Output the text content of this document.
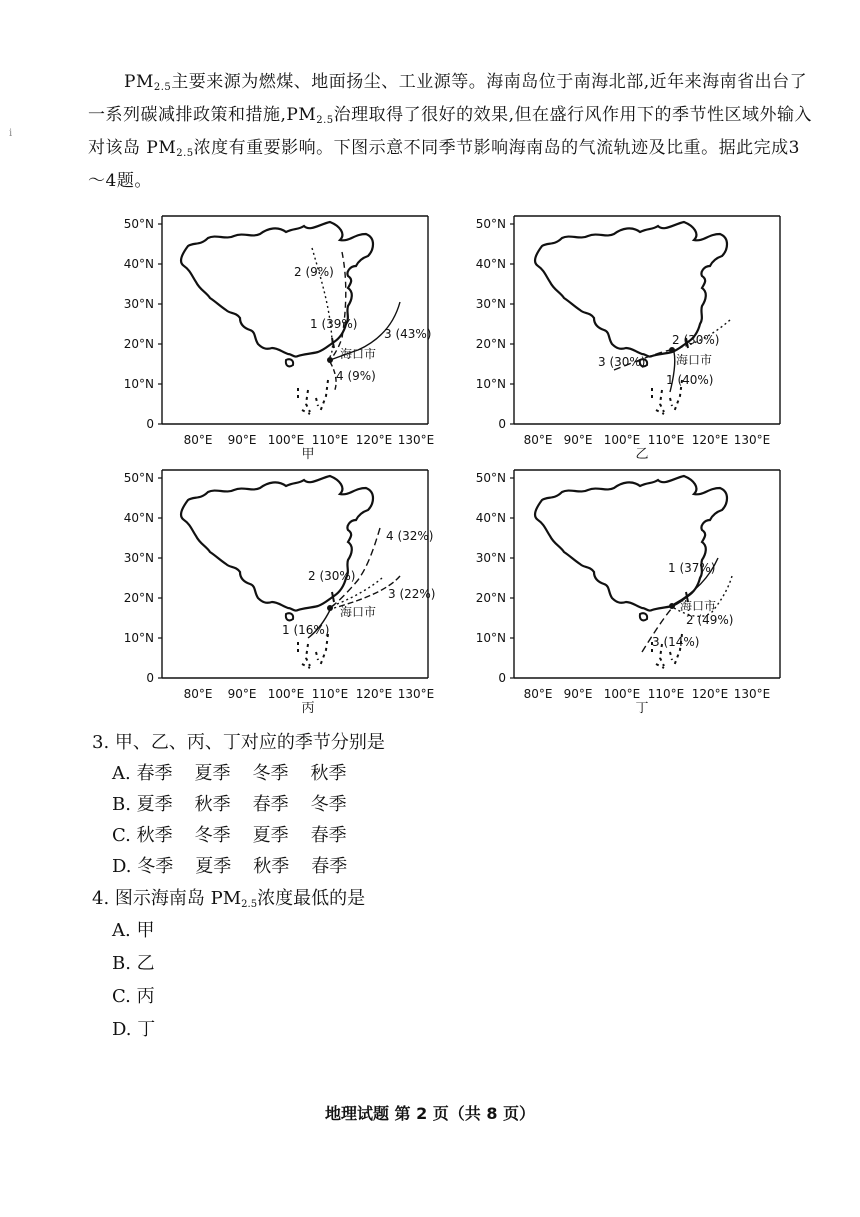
ⅰ

$PM_{2.5}$主要来源为燃煤、地面扬尘、工业源等。海南岛位于南海北部,近年来海南省出台了一系列碳减排政策和措施$,PM_{2.5}$治理取得了很好的效果,但在盛行风作用下的季节性区域外输入对该岛 $PM_{2.5}$浓度有重要影响。下图示意不同季节影响海南岛的气流轨迹及比重。据此完成3～4题。

0
10°N
20°N
30°N
40°N
50°N
80°E 90°E 100°E 110°E 120°E 130°E
2 (9%)
1 (39%)
3 (43%)
4 (9%)
海口市
甲
0
10°N
20°N
30°N
40°N
50°N
80°E 90°E 100°E 110°E 120°E 130°E
2 (30%)
3 (30%)
1 (40%)
海口市
乙
0
10°N
20°N
30°N
40°N
50°N
80°E 90°E 100°E 110°E 120°E 130°E
4 (32%)
2 (30%)
3 (22%)
1 (16%)
海口市
丙
0
10°N
20°N
30°N
40°N
50°N
80°E 90°E 100°E 110°E 120°E 130°E
1 (37%)
2 (49%)
3 (14%)
海口市
丁

3. 甲、乙、丙、丁对应的季节分别是

A. 春季 夏季 冬季 秋季

B. 夏季 秋季 春季 冬季

C. 秋季 冬季 夏季 春季

D. 冬季 夏季 秋季 春季

4. 图示海南岛 $PM_{2.5}$浓度最低的是

A. 甲

B. 乙

C. 丙

D. 丁

地理试题 第 2 页（共 8 页）
